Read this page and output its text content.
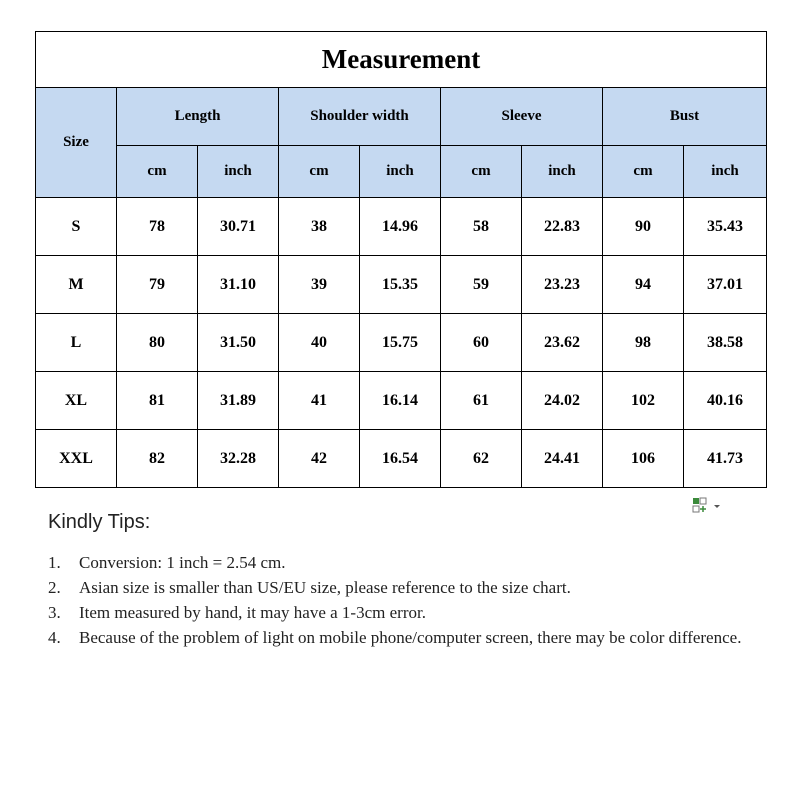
Measurement								
Size	Length		Shoulder width		Sleeve		Bust	
	cm	inch	cm	inch	cm	inch	cm	inch
S	78	30.71	38	14.96	58	22.83	90	35.43
M	79	31.10	39	15.35	59	23.23	94	37.01
L	80	31.50	40	15.75	60	23.62	98	38.58
XL	81	31.89	41	16.14	61	24.02	102	40.16
XXL	82	32.28	42	16.54	62	24.41	106	41.73
Kindly Tips:
1.	Conversion: 1 inch = 2.54 cm.
2.	Asian size is smaller than US/EU size, please reference to the size chart.
3.	Item measured by hand, it may have a 1-3cm error.
4.	Because of the problem of light on mobile phone/computer screen, there may be color difference.
